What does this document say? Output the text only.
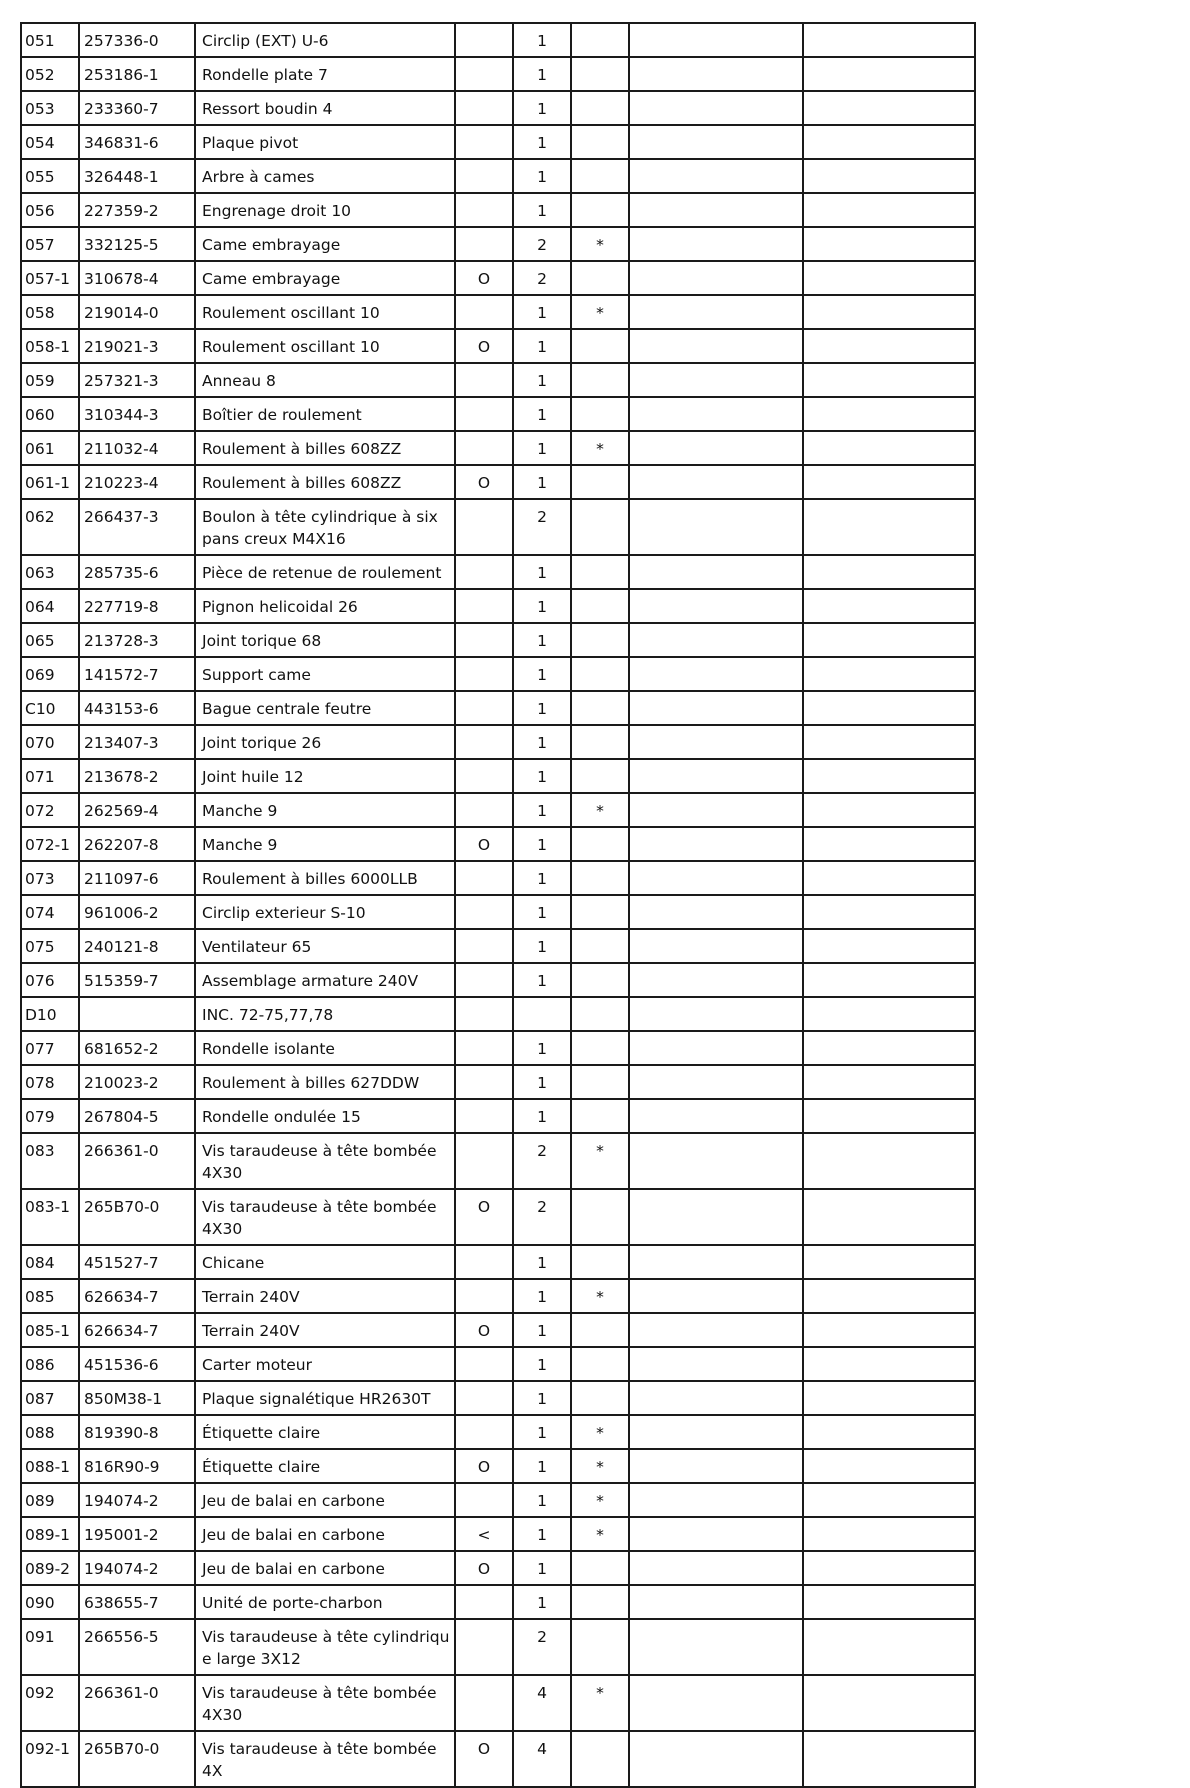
051	257336-0	Circlip (EXT) U-6		1			
052	253186-1	Rondelle plate 7		1			
053	233360-7	Ressort boudin 4		1			
054	346831-6	Plaque pivot		1			
055	326448-1	Arbre à cames		1			
056	227359-2	Engrenage droit 10		1			
057	332125-5	Came embrayage		2	*		
057-1	310678-4	Came embrayage	O	2			
058	219014-0	Roulement oscillant 10		1	*		
058-1	219021-3	Roulement oscillant 10	O	1			
059	257321-3	Anneau 8		1			
060	310344-3	Boîtier de roulement		1			
061	211032-4	Roulement à billes 608ZZ		1	*		
061-1	210223-4	Roulement à billes 608ZZ	O	1			
062	266437-3	Boulon à tête cylindrique à six pans creux M4X16		2			
063	285735-6	Pièce de retenue de roulement		1			
064	227719-8	Pignon helicoidal 26		1			
065	213728-3	Joint torique 68		1			
069	141572-7	Support came		1			
C10	443153-6	Bague centrale feutre		1			
070	213407-3	Joint torique 26		1			
071	213678-2	Joint huile 12		1			
072	262569-4	Manche 9		1	*		
072-1	262207-8	Manche 9	O	1			
073	211097-6	Roulement à billes 6000LLB		1			
074	961006-2	Circlip exterieur S-10		1			
075	240121-8	Ventilateur 65		1			
076	515359-7	Assemblage armature 240V		1			
D10		INC. 72-75,77,78					
077	681652-2	Rondelle isolante		1			
078	210023-2	Roulement à billes 627DDW		1			
079	267804-5	Rondelle ondulée 15		1			
083	266361-0	Vis taraudeuse à tête bombée 4X30		2	*		
083-1	265B70-0	Vis taraudeuse à tête bombée 4X30	O	2			
084	451527-7	Chicane		1			
085	626634-7	Terrain 240V		1	*		
085-1	626634-7	Terrain 240V	O	1			
086	451536-6	Carter moteur		1			
087	850M38-1	Plaque signalétique HR2630T		1			
088	819390-8	Étiquette claire		1	*		
088-1	816R90-9	Étiquette claire	O	1	*		
089	194074-2	Jeu de balai en carbone		1	*		
089-1	195001-2	Jeu de balai en carbone	<	1	*		
089-2	194074-2	Jeu de balai en carbone	O	1			
090	638655-7	Unité de porte-charbon		1			
091	266556-5	Vis taraudeuse à tête cylindrique large 3X12		2			
092	266361-0	Vis taraudeuse à tête bombée 4X30		4	*		
092-1	265B70-0	Vis taraudeuse à tête bombée 4X	O	4			
